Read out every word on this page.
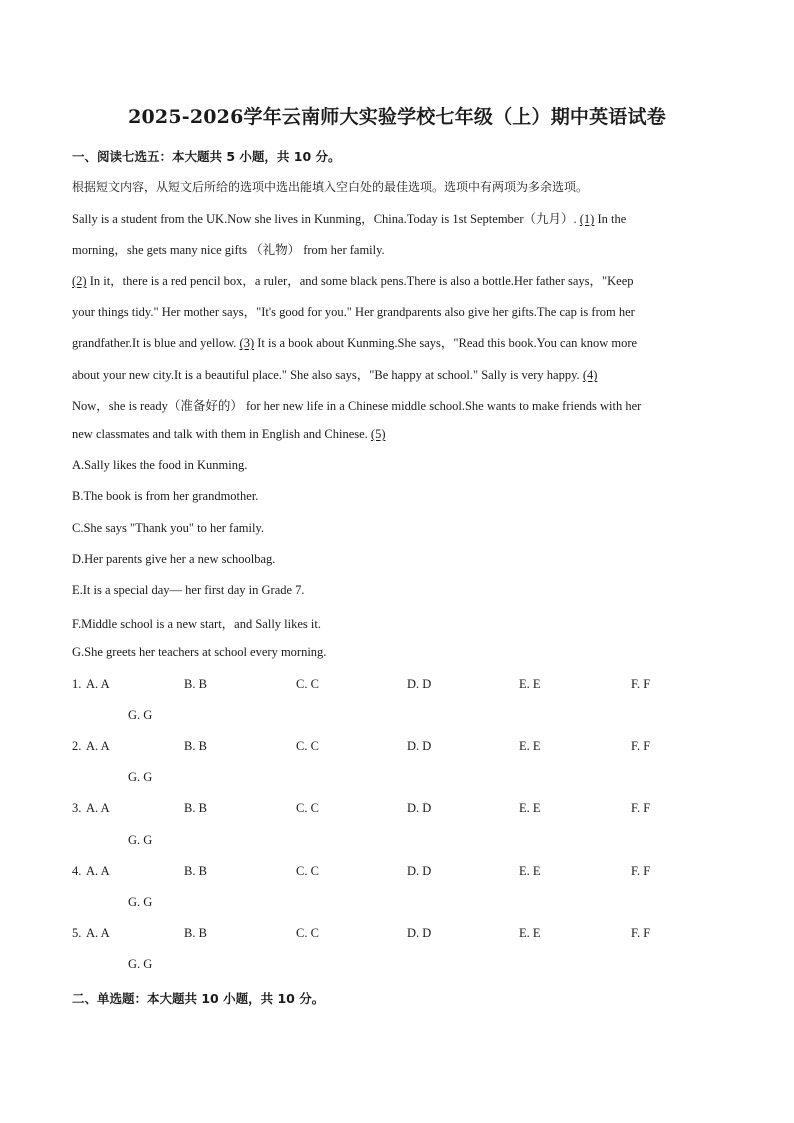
2025-2026学年云南师大实验学校七年级（上）期中英语试卷
一、阅读七选五：本大题共 5 小题，共 10 分。
根据短文内容，从短文后所给的选项中选出能填入空白处的最佳选项。选项中有两项为多余选项。
Sally is a student from the UK.Now she lives in Kunming，China.Today is 1st September（九月）. (1) In the
morning，she gets many nice gifts （礼物） from her family.
(2) In it，there is a red pencil box，a ruler，and some black pens.There is also a bottle.Her father says，"Keep
your things tidy." Her mother says，"It's good for you." Her grandparents also give her gifts.The cap is from her
grandfather.It is blue and yellow. (3) It is a book about Kunming.She says，"Read this book.You can know more
about your new city.It is a beautiful place." She also says，"Be happy at school." Sally is very happy. (4)
Now，she is ready（准备好的） for her new life in a Chinese middle school.She wants to make friends with her
new classmates and talk with them in English and Chinese. (5)
A.Sally likes the food in Kunming.
B.The book is from her grandmother.
C.She says "Thank you" to her family.
D.Her parents give her a new schoolbag.
E.It is a special day— her first day in Grade 7.
F.Middle school is a new start，and Sally likes it.
G.She greets her teachers at school every morning.
1. A. A	B. B	C. C	D. D	E. E	F. F
G. G
2. A. A	B. B	C. C	D. D	E. E	F. F
G. G
3. A. A	B. B	C. C	D. D	E. E	F. F
G. G
4. A. A	B. B	C. C	D. D	E. E	F. F
G. G
5. A. A	B. B	C. C	D. D	E. E	F. F
G. G
二、单选题：本大题共 10 小题，共 10 分。
